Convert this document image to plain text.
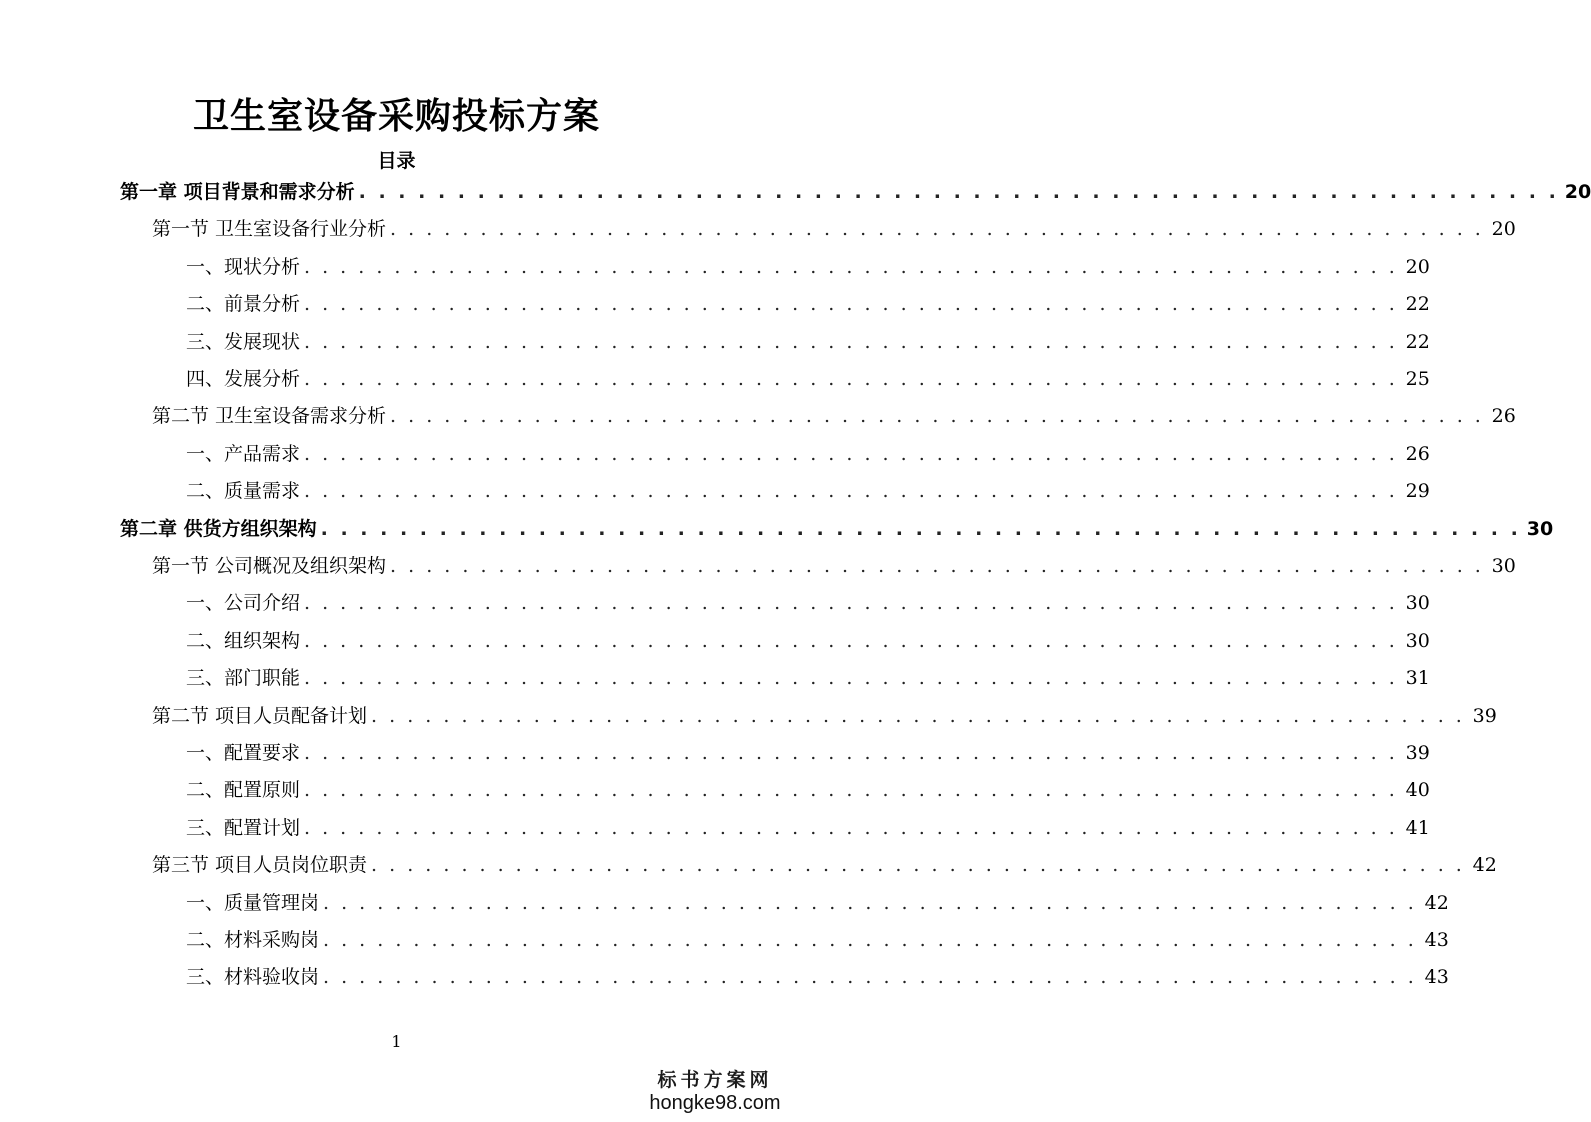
卫生室设备采购投标方案
目录
第一章 项目背景和需求分析 . . . . . . . . . . . . . . . . . . . . . . . . . . . . . . . . . . . . . . . . . . . . . . . . . . . . . . . . . . . . . 20
第一节 卫生室设备行业分析 . . . . . . . . . . . . . . . . . . . . . . . . . . . . . . . . . . . . . . . . . . . . . . . . . . . . . . . . . . . . . 20
一、现状分析 . . . . . . . . . . . . . . . . . . . . . . . . . . . . . . . . . . . . . . . . . . . . . . . . . . . . . . . . . . . . . 20
二、前景分析 . . . . . . . . . . . . . . . . . . . . . . . . . . . . . . . . . . . . . . . . . . . . . . . . . . . . . . . . . . . . . 22
三、发展现状 . . . . . . . . . . . . . . . . . . . . . . . . . . . . . . . . . . . . . . . . . . . . . . . . . . . . . . . . . . . . . 22
四、发展分析 . . . . . . . . . . . . . . . . . . . . . . . . . . . . . . . . . . . . . . . . . . . . . . . . . . . . . . . . . . . . . 25
第二节 卫生室设备需求分析 . . . . . . . . . . . . . . . . . . . . . . . . . . . . . . . . . . . . . . . . . . . . . . . . . . . . . . . . . . . . . 26
一、产品需求 . . . . . . . . . . . . . . . . . . . . . . . . . . . . . . . . . . . . . . . . . . . . . . . . . . . . . . . . . . . . . 26
二、质量需求 . . . . . . . . . . . . . . . . . . . . . . . . . . . . . . . . . . . . . . . . . . . . . . . . . . . . . . . . . . . . . 29
第二章 供货方组织架构 . . . . . . . . . . . . . . . . . . . . . . . . . . . . . . . . . . . . . . . . . . . . . . . . . . . . . . . . . . . . . 30
第一节 公司概况及组织架构 . . . . . . . . . . . . . . . . . . . . . . . . . . . . . . . . . . . . . . . . . . . . . . . . . . . . . . . . . . . . . 30
一、公司介绍 . . . . . . . . . . . . . . . . . . . . . . . . . . . . . . . . . . . . . . . . . . . . . . . . . . . . . . . . . . . . . 30
二、组织架构 . . . . . . . . . . . . . . . . . . . . . . . . . . . . . . . . . . . . . . . . . . . . . . . . . . . . . . . . . . . . . 30
三、部门职能 . . . . . . . . . . . . . . . . . . . . . . . . . . . . . . . . . . . . . . . . . . . . . . . . . . . . . . . . . . . . . 31
第二节 项目人员配备计划 . . . . . . . . . . . . . . . . . . . . . . . . . . . . . . . . . . . . . . . . . . . . . . . . . . . . . . . . . . . . . 39
一、配置要求 . . . . . . . . . . . . . . . . . . . . . . . . . . . . . . . . . . . . . . . . . . . . . . . . . . . . . . . . . . . . . 39
二、配置原则 . . . . . . . . . . . . . . . . . . . . . . . . . . . . . . . . . . . . . . . . . . . . . . . . . . . . . . . . . . . . . 40
三、配置计划 . . . . . . . . . . . . . . . . . . . . . . . . . . . . . . . . . . . . . . . . . . . . . . . . . . . . . . . . . . . . . 41
第三节 项目人员岗位职责 . . . . . . . . . . . . . . . . . . . . . . . . . . . . . . . . . . . . . . . . . . . . . . . . . . . . . . . . . . . . . 42
一、质量管理岗 . . . . . . . . . . . . . . . . . . . . . . . . . . . . . . . . . . . . . . . . . . . . . . . . . . . . . . . . . . . . . 42
二、材料采购岗 . . . . . . . . . . . . . . . . . . . . . . . . . . . . . . . . . . . . . . . . . . . . . . . . . . . . . . . . . . . . . 43
三、材料验收岗 . . . . . . . . . . . . . . . . . . . . . . . . . . . . . . . . . . . . . . . . . . . . . . . . . . . . . . . . . . . . . 43
1
标书方案网
hongke98.com
